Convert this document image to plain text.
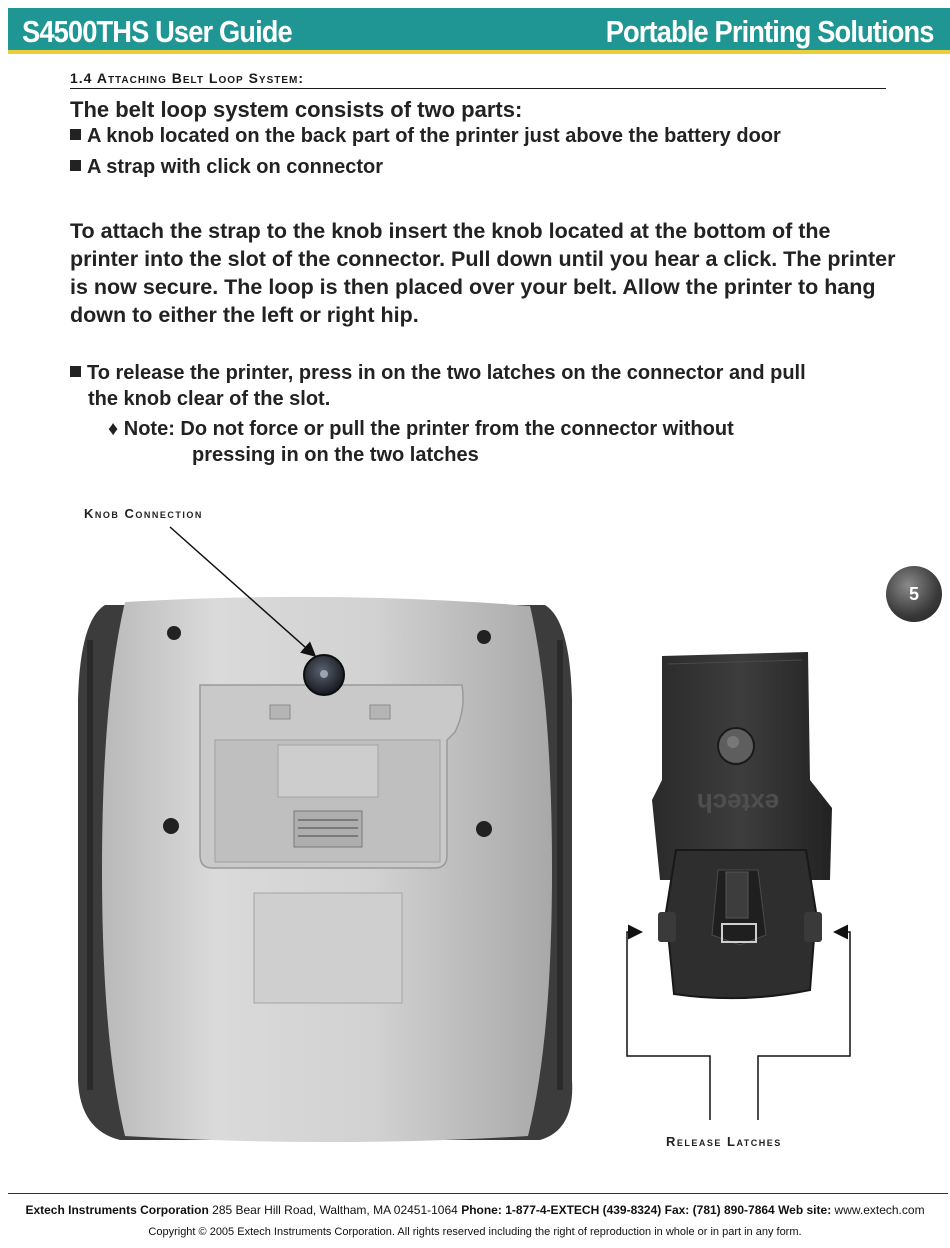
S4500THS User Guide	Portable Printing Solutions
1.4 Attaching Belt Loop System:
The belt loop system consists of two parts:
A knob located on the back part of the printer just above the battery door
A strap with click on connector
To attach the strap to the knob insert the knob located at the bottom of the printer into the slot of the connector. Pull down until you hear a click. The printer is now secure. The loop is then placed over your belt. Allow the printer to hang down to either the left or right hip.
To release the printer, press in on the two latches on the connector and pull
the knob clear of the slot.
♦ Note: Do not force or pull the printer from the connector without
pressing in on the two latches
Knob Connection
Release Latches
5
extech
Extech Instruments Corporation 285 Bear Hill Road, Waltham, MA 02451-1064 Phone: 1-877-4-EXTECH (439-8324) Fax: (781) 890-7864 Web site: www.extech.com
Copyright © 2005 Extech Instruments Corporation. All rights reserved including the right of reproduction in whole or in part in any form.
